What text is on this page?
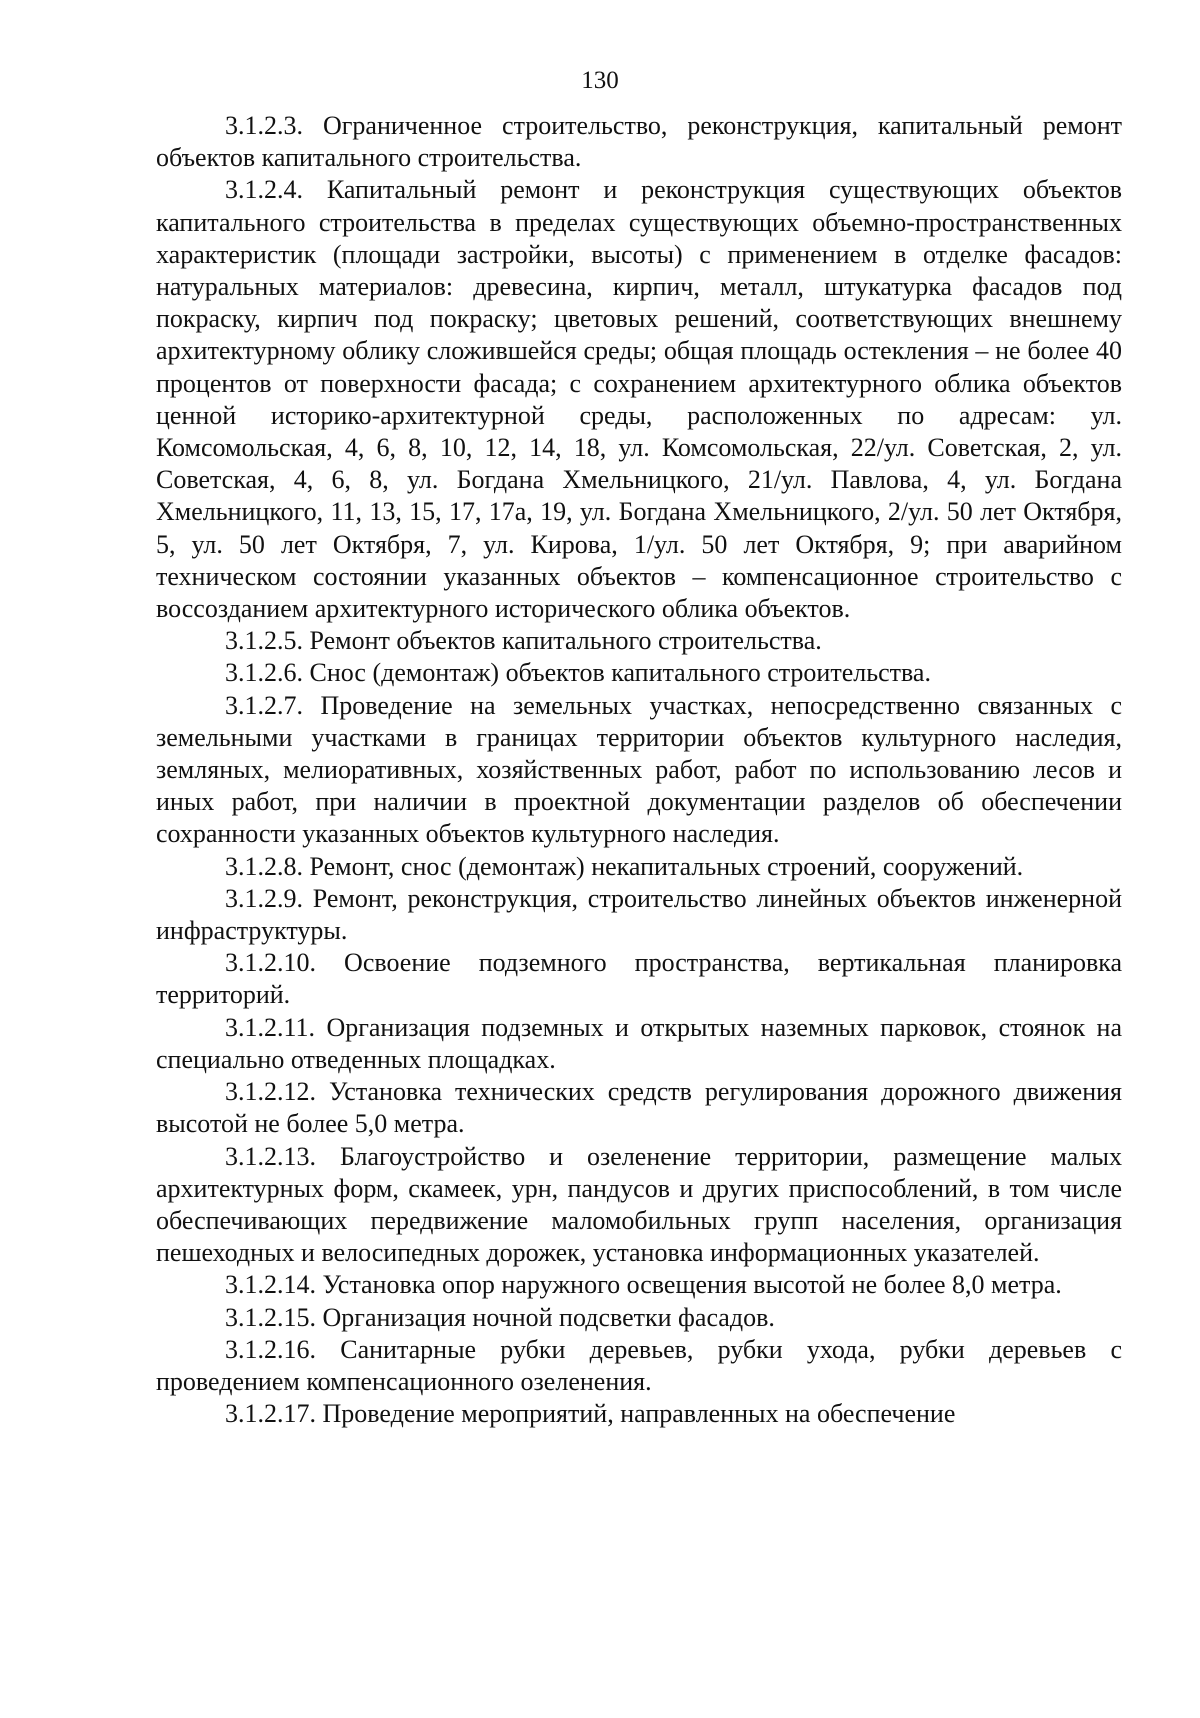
130

3.1.2.3. Ограниченное строительство, реконструкция, капитальный ремонт объектов капитального строительства.

3.1.2.4. Капитальный ремонт и реконструкция существующих объектов капитального строительства в пределах существующих объемно-пространственных характеристик (площади застройки, высоты) с применением в отделке фасадов: натуральных материалов: древесина, кирпич, металл, штукатурка фасадов под покраску, кирпич под покраску; цветовых решений, соответствующих внешнему архитектурному облику сложившейся среды; общая площадь остекления – не более 40 процентов от поверхности фасада; с сохранением архитектурного облика объектов ценной историко-архитектурной среды, расположенных по адресам: ул. Комсомольская, 4, 6, 8, 10, 12, 14, 18, ул. Комсомольская, 22/ул. Советская, 2, ул. Советская, 4, 6, 8, ул. Богдана Хмельницкого, 21/ул. Павлова, 4, ул. Богдана Хмельницкого, 11, 13, 15, 17, 17а, 19, ул. Богдана Хмельницкого, 2/ул. 50 лет Октября, 5, ул. 50 лет Октября, 7, ул. Кирова, 1/ул. 50 лет Октября, 9; при аварийном техническом состоянии указанных объектов – компенсационное строительство с воссозданием архитектурного исторического облика объектов.

3.1.2.5. Ремонт объектов капитального строительства.

3.1.2.6. Снос (демонтаж) объектов капитального строительства.

3.1.2.7. Проведение на земельных участках, непосредственно связанных с земельными участками в границах территории объектов культурного наследия, земляных, мелиоративных, хозяйственных работ, работ по использованию лесов и иных работ, при наличии в проектной документации разделов об обеспечении сохранности указанных объектов культурного наследия.

3.1.2.8. Ремонт, снос (демонтаж) некапитальных строений, сооружений.

3.1.2.9. Ремонт, реконструкция, строительство линейных объектов инженерной инфраструктуры.

3.1.2.10. Освоение подземного пространства, вертикальная планировка территорий.

3.1.2.11. Организация подземных и открытых наземных парковок, стоянок на специально отведенных площадках.

3.1.2.12. Установка технических средств регулирования дорожного движения высотой не более 5,0 метра.

3.1.2.13. Благоустройство и озеленение территории, размещение малых архитектурных форм, скамеек, урн, пандусов и других приспособлений, в том числе обеспечивающих передвижение маломобильных групп населения, организация пешеходных и велосипедных дорожек, установка информационных указателей.

3.1.2.14. Установка опор наружного освещения высотой не более 8,0 метра.

3.1.2.15. Организация ночной подсветки фасадов.

3.1.2.16. Санитарные рубки деревьев, рубки ухода, рубки деревьев с проведением компенсационного озеленения.

3.1.2.17. Проведение мероприятий, направленных на обеспечение
